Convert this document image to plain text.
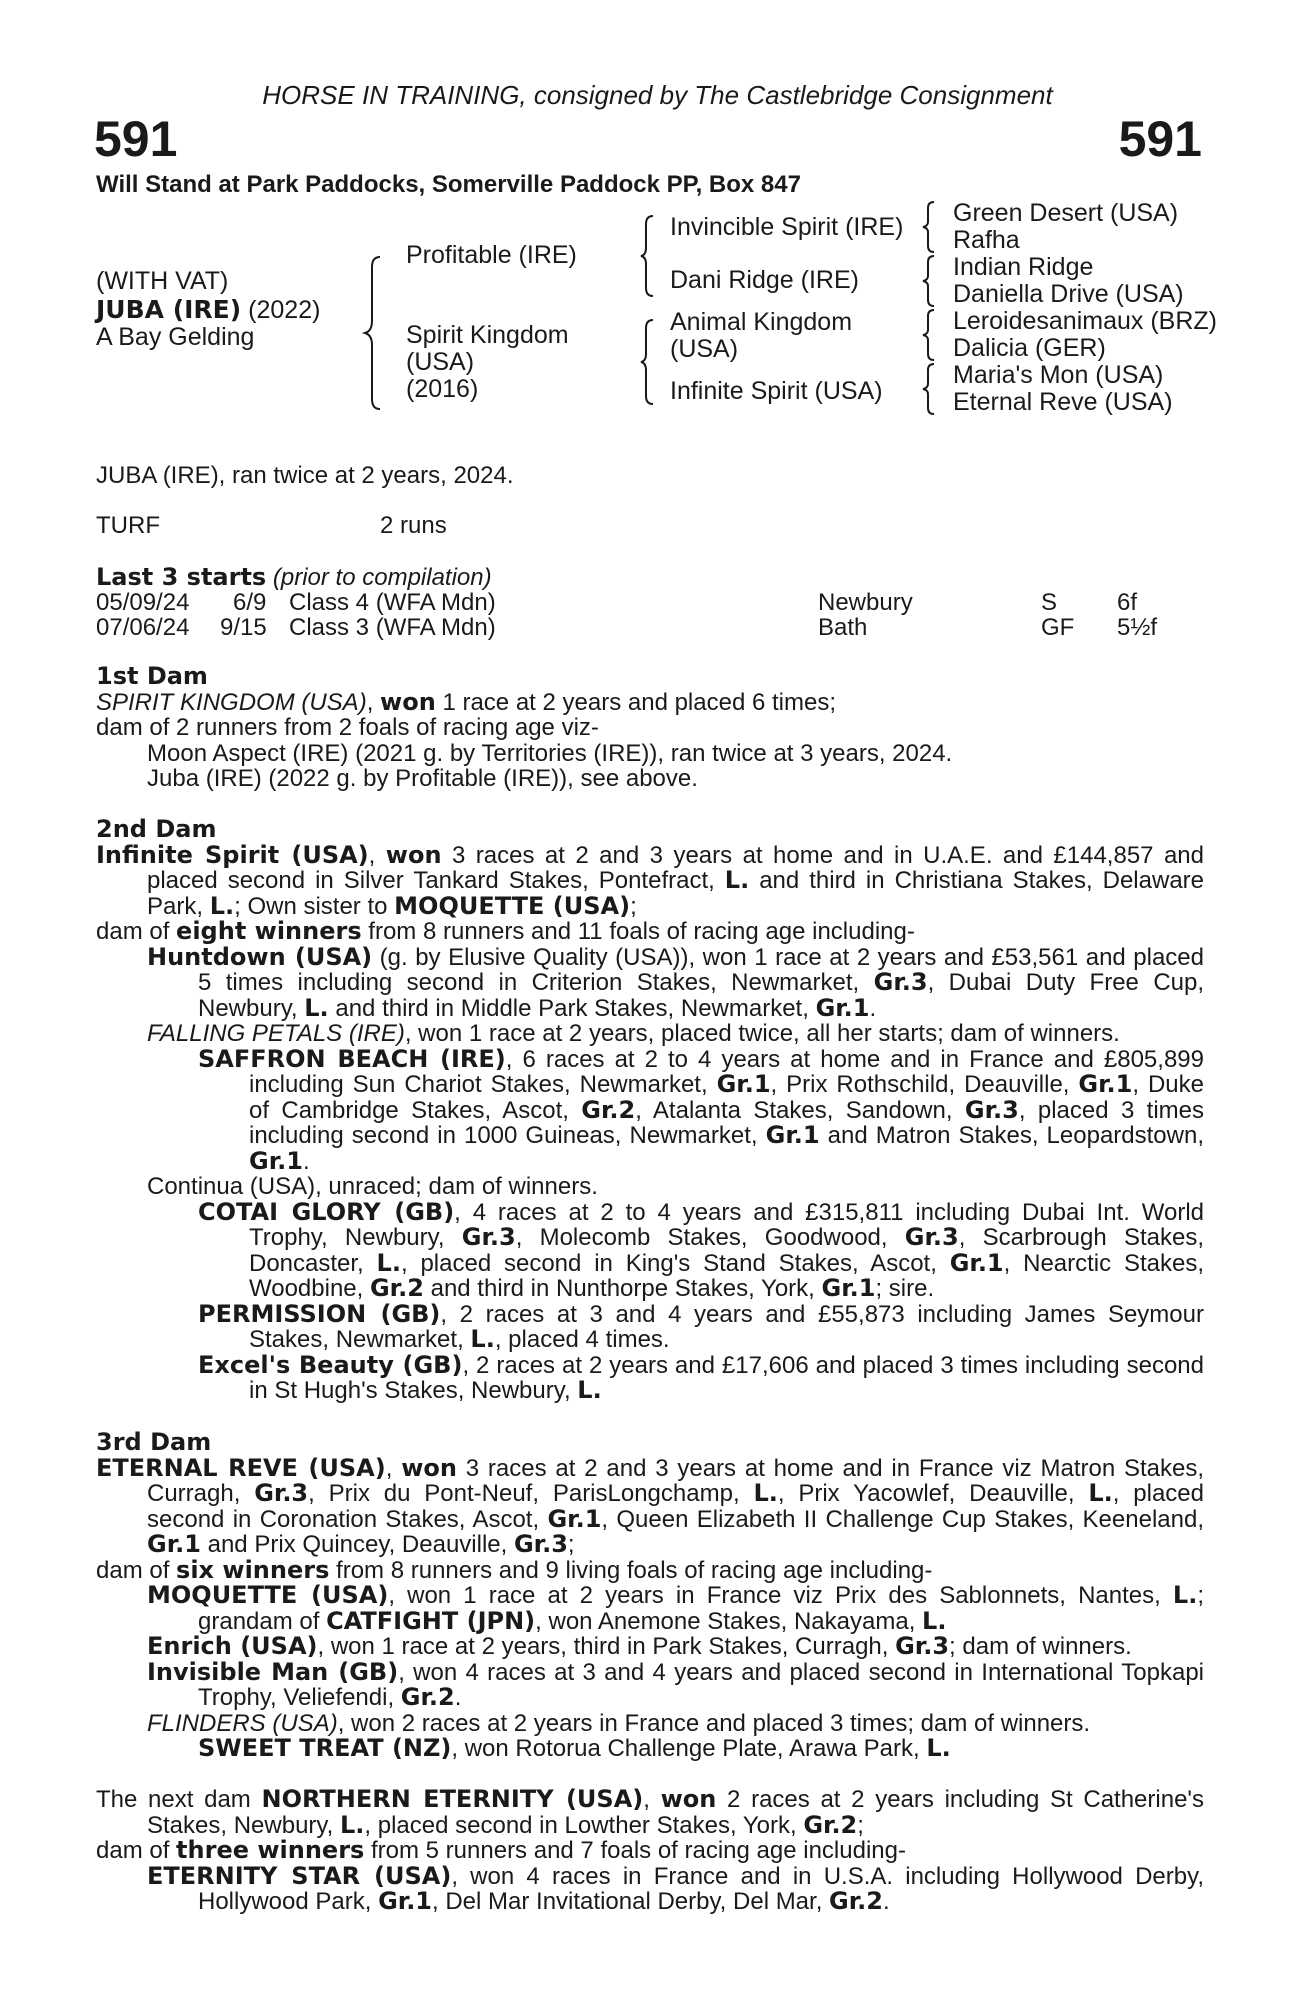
HORSE IN TRAINING, consigned by The Castlebridge Consignment
591	591
Will Stand at Park Paddocks, Somerville Paddock PP, Box 847
(WITH VAT)
JUBA (IRE) (2022)
A Bay Gelding
Profitable (IRE)
Spirit Kingdom
(USA)
(2016)
Invincible Spirit (IRE)
Dani Ridge (IRE)
Animal Kingdom
(USA)
Infinite Spirit (USA)
Green Desert (USA)
Rafha
Indian Ridge
Daniella Drive (USA)
Leroidesanimaux (BRZ)
Dalicia (GER)
Maria's Mon (USA)
Eternal Reve (USA)
JUBA (IRE), ran twice at 2 years, 2024.
TURF	2 runs
Last 3 starts (prior to compilation)
05/09/24 6/9 Class 4 (WFA Mdn)	Newbury	S 6f
07/06/24 9/15 Class 3 (WFA Mdn)	Bath	GF 5½f

1st Dam

SPIRIT KINGDOM (USA), won 1 race at 2 years and placed 6 times;

dam of 2 runners from 2 foals of racing age viz-

Moon Aspect (IRE) (2021 g. by Territories (IRE)), ran twice at 3 years, 2024.

Juba (IRE) (2022 g. by Profitable (IRE)), see above.

2nd Dam

Infinite Spirit (USA), won 3 races at 2 and 3 years at home and in U.A.E. and £144,857 and placed second in Silver Tankard Stakes, Pontefract, L. and third in Christiana Stakes, Delaware Park, L.; Own sister to MOQUETTE (USA);

dam of eight winners from 8 runners and 11 foals of racing age including-

Huntdown (USA) (g. by Elusive Quality (USA)), won 1 race at 2 years and £53,561 and placed 5 times including second in Criterion Stakes, Newmarket, Gr.3, Dubai Duty Free Cup, Newbury, L. and third in Middle Park Stakes, Newmarket, Gr.1.

FALLING PETALS (IRE), won 1 race at 2 years, placed twice, all her starts; dam of winners.

SAFFRON BEACH (IRE), 6 races at 2 to 4 years at home and in France and £805,899 including Sun Chariot Stakes, Newmarket, Gr.1, Prix Rothschild, Deauville, Gr.1, Duke of Cambridge Stakes, Ascot, Gr.2, Atalanta Stakes, Sandown, Gr.3, placed 3 times including second in 1000 Guineas, Newmarket, Gr.1 and Matron Stakes, Leopardstown, Gr.1.

Continua (USA), unraced; dam of winners.

COTAI GLORY (GB), 4 races at 2 to 4 years and £315,811 including Dubai Int. World Trophy, Newbury, Gr.3, Molecomb Stakes, Goodwood, Gr.3, Scarbrough Stakes, Doncaster, L., placed second in King's Stand Stakes, Ascot, Gr.1, Nearctic Stakes, Woodbine, Gr.2 and third in Nunthorpe Stakes, York, Gr.1; sire.

PERMISSION (GB), 2 races at 3 and 4 years and £55,873 including James Seymour Stakes, Newmarket, L., placed 4 times.

Excel's Beauty (GB), 2 races at 2 years and £17,606 and placed 3 times including second in St Hugh's Stakes, Newbury, L.

3rd Dam

ETERNAL REVE (USA), won 3 races at 2 and 3 years at home and in France viz Matron Stakes, Curragh, Gr.3, Prix du Pont-Neuf, ParisLongchamp, L., Prix Yacowlef, Deauville, L., placed second in Coronation Stakes, Ascot, Gr.1, Queen Elizabeth II Challenge Cup Stakes, Keeneland, Gr.1 and Prix Quincey, Deauville, Gr.3;

dam of six winners from 8 runners and 9 living foals of racing age including-

MOQUETTE (USA), won 1 race at 2 years in France viz Prix des Sablonnets, Nantes, L.; grandam of CATFIGHT (JPN), won Anemone Stakes, Nakayama, L.

Enrich (USA), won 1 race at 2 years, third in Park Stakes, Curragh, Gr.3; dam of winners.

Invisible Man (GB), won 4 races at 3 and 4 years and placed second in International Topkapi Trophy, Veliefendi, Gr.2.

FLINDERS (USA), won 2 races at 2 years in France and placed 3 times; dam of winners.

SWEET TREAT (NZ), won Rotorua Challenge Plate, Arawa Park, L.

The next dam NORTHERN ETERNITY (USA), won 2 races at 2 years including St Catherine's Stakes, Newbury, L., placed second in Lowther Stakes, York, Gr.2;

dam of three winners from 5 runners and 7 foals of racing age including-

ETERNITY STAR (USA), won 4 races in France and in U.S.A. including Hollywood Derby, Hollywood Park, Gr.1, Del Mar Invitational Derby, Del Mar, Gr.2.
